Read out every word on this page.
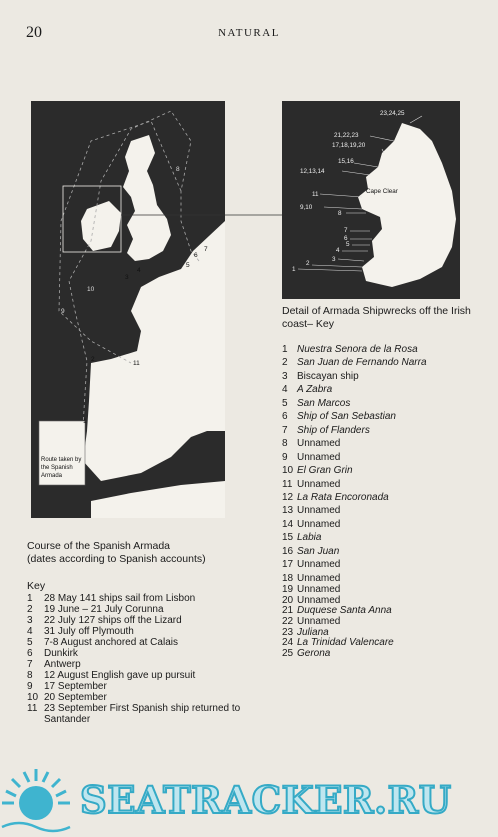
20	NATURAL
1
2
3
4
5
6
7
8
9
10
11
Route taken by
the Spanish
Armada
23,24,25
21,22,23
17,18,19,20
15,16
12,13,14
11
9,10
8
7
6
5
4
3
2
1
Cape Clear
Detail of Armada Shipwrecks off the Irish coast– Key
1 Nuestra Senora de la Rosa
2 San Juan de Fernando Narra
3 Biscayan ship
4 A Zabra
5 San Marcos
6 Ship of San Sebastian
7 Ship of Flanders
8 Unnamed
9 Unnamed
10 El Gran Grin
11 Unnamed
12 La Rata Encoronada
13 Unnamed
14 Unnamed
15 Labia
16 San Juan
17 Unnamed
18 Unnamed
19 Unnamed
20 Unnamed
21 Duquese Santa Anna
22 Unnamed
23 Juliana
24 La Trinidad Valencare
25 Gerona
Course of the Spanish Armada
(dates according to Spanish accounts)
Key
1	28 May 141 ships sail from Lisbon
2	19 June – 21 July Corunna
3	22 July 127 ships off the Lizard
4	31 July off Plymouth
5	7-8 August anchored at Calais
6	Dunkirk
7	Antwerp
8	12 August English gave up pursuit
9	17 September
10 20 September
11 23 September First Spanish ship returned to Santander
SEATRACKER.RU
